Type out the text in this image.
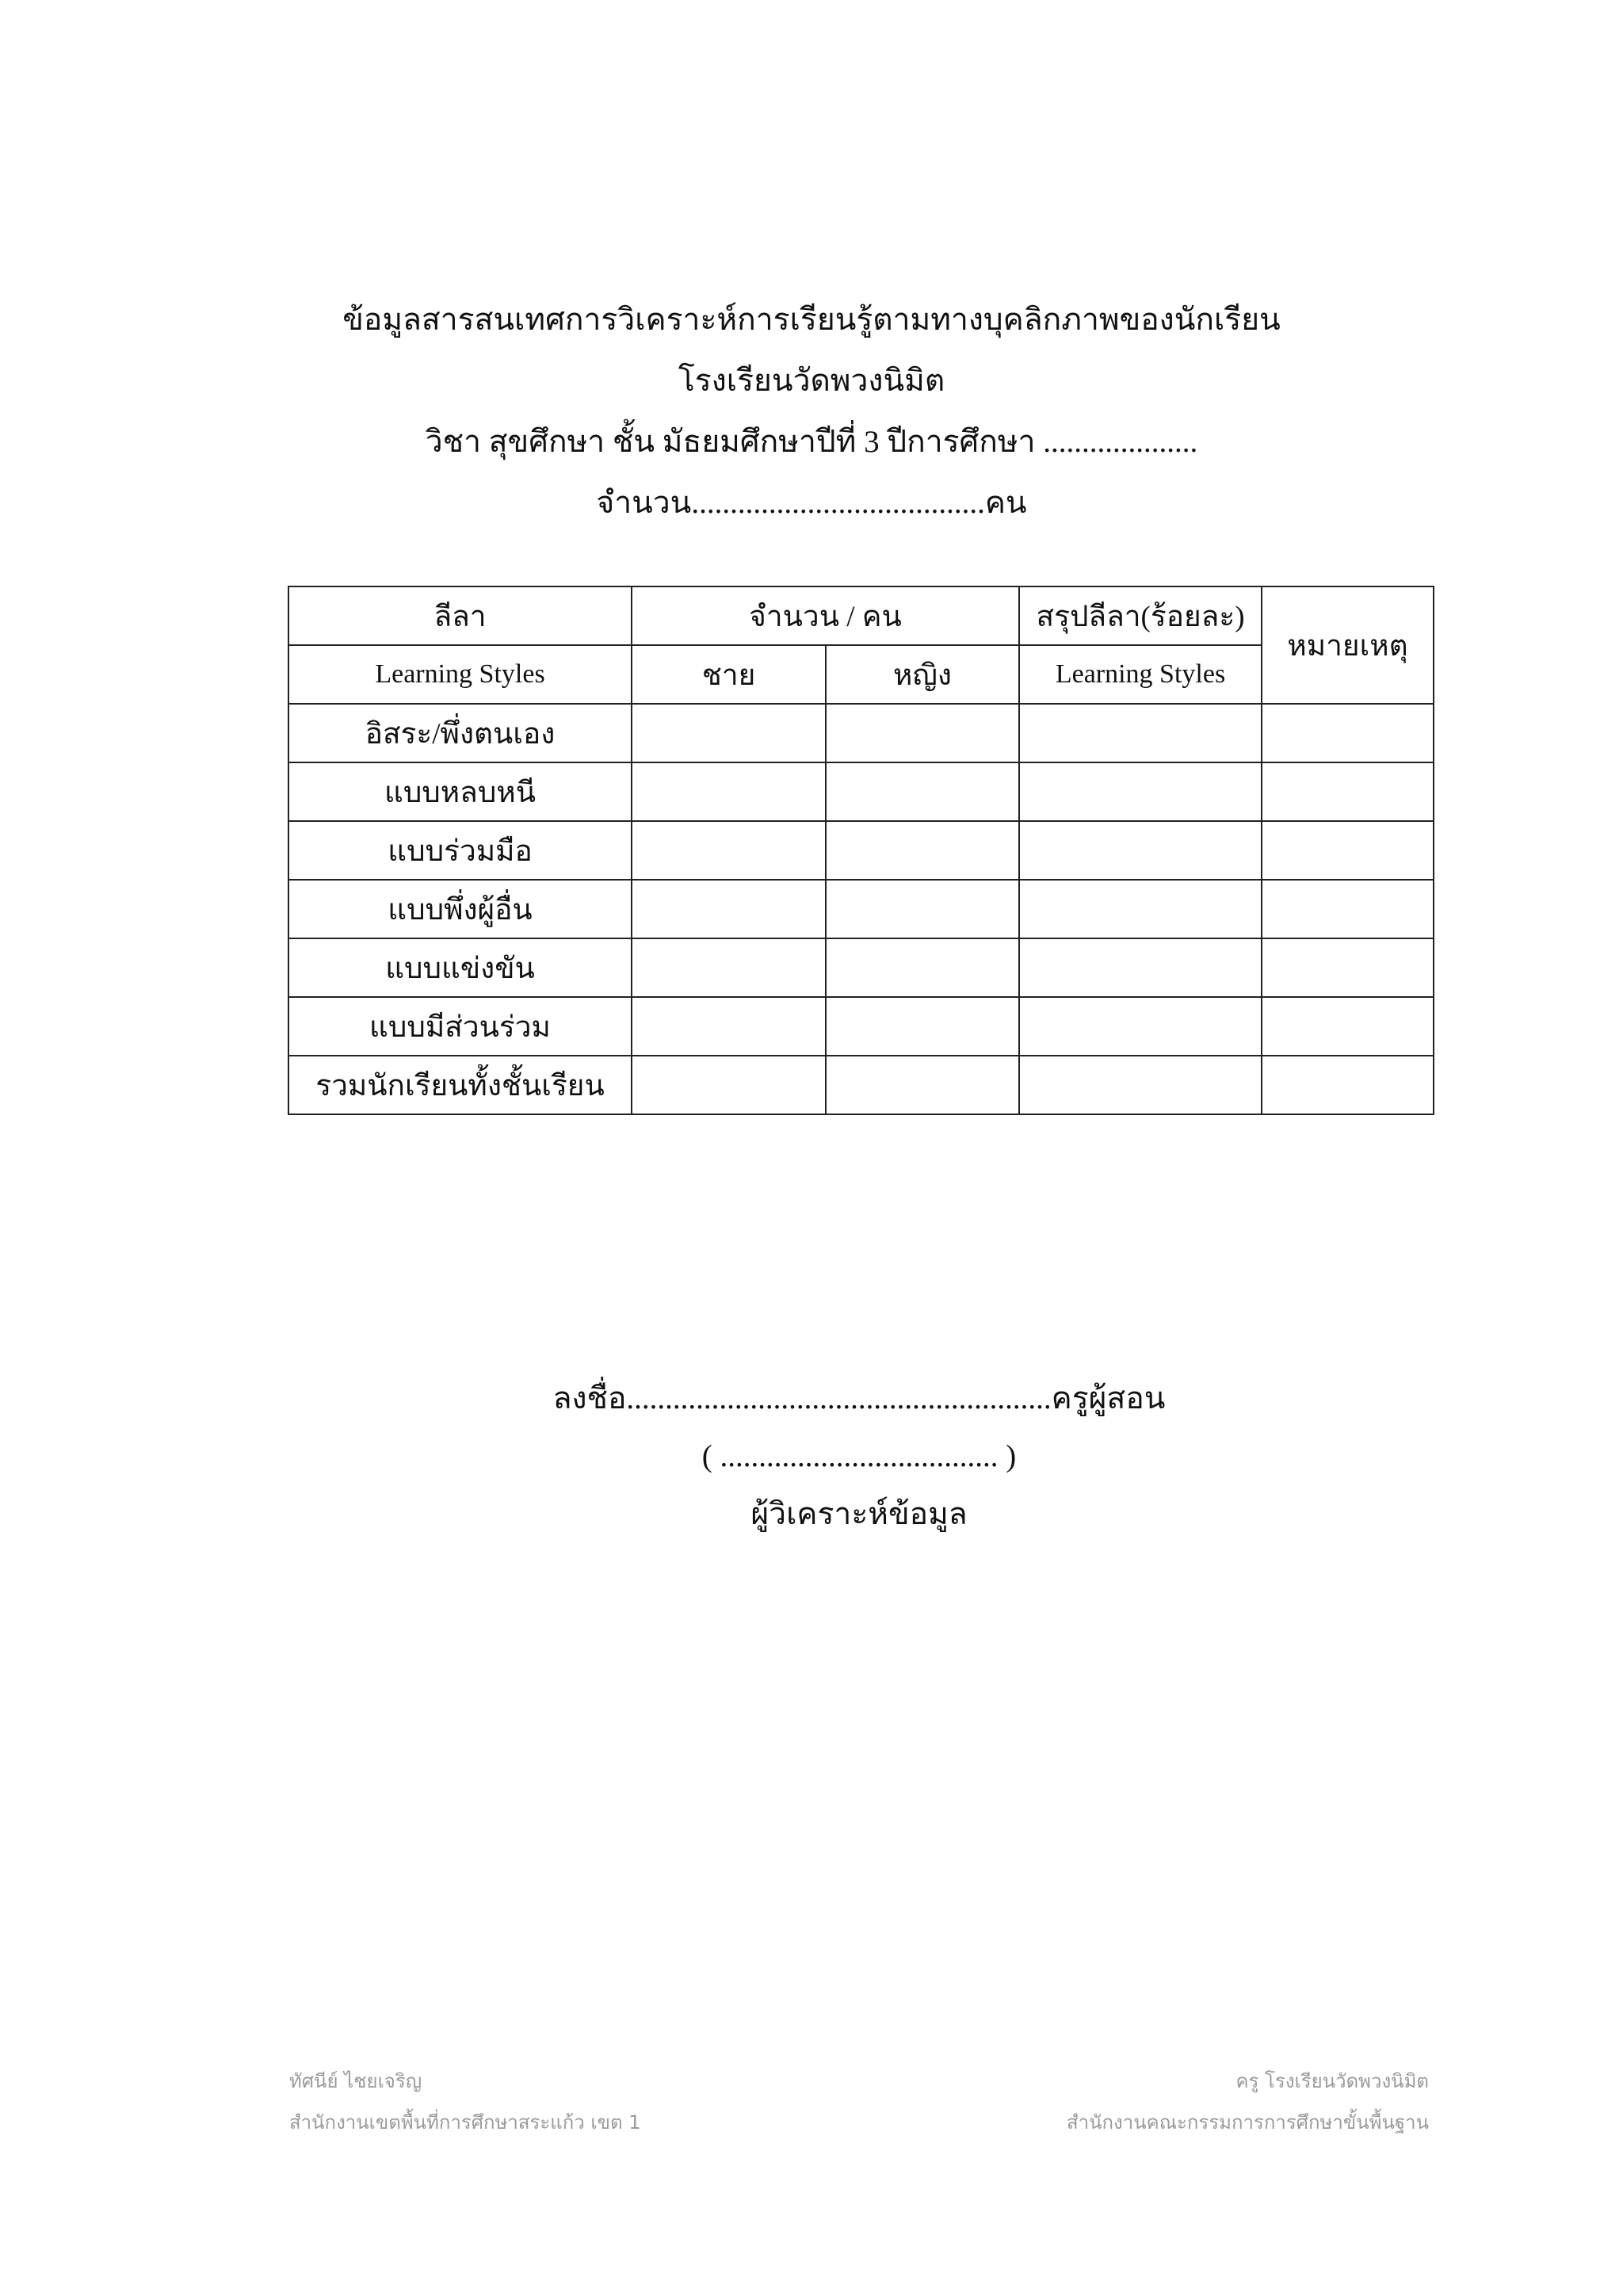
ข้อมูลสารสนเทศการวิเคราะห์การเรียนรู้ตามทางบุคลิกภาพของนักเรียน
โรงเรียนวัดพวงนิมิต
วิชา สุขศึกษา ชั้น มัธยมศึกษาปีที่ 3 ปีการศึกษา ....................
จำนวน......................................คน
ลีลา	จำนวน / คน		สรุปลีลา(ร้อยละ)	หมายเหตุ
Learning Styles	ชาย	หญิง	Learning Styles	
อิสระ/พึ่งตนเอง				
แบบหลบหนี				
แบบร่วมมือ				
แบบพึ่งผู้อื่น				
แบบแข่งขัน				
แบบมีส่วนร่วม				
รวมนักเรียนทั้งชั้นเรียน				
ลงชื่อ.......................................................ครูผู้สอน
( .................................... )
ผู้วิเคราะห์ข้อมูล
ทัศนีย์ ไชยเจริญ
สำนักงานเขตพื้นที่การศึกษาสระแก้ว เขต 1
ครู โรงเรียนวัดพวงนิมิต
สำนักงานคณะกรรมการการศึกษาขั้นพื้นฐาน
